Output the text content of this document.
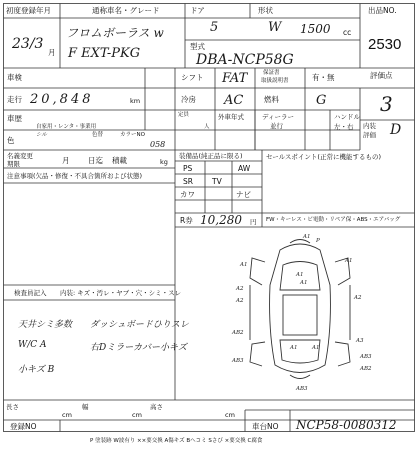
初度登録年月
23/3
月
通称車名・グレード
フロムボーラス w
F EXT-PKG
ドア
5
形状
W 1500 cc
型式
DBA-NCP58G
出品NO.
2530
車検	シフト FAT	保証書
取扱説明書	有・無	評価点
3
走行 20,848	km	冷房 AC	燃料	G
車歴
自家用・レンタ・事業用
定員
人
外車年式	ディーラー
並行
ハンドル
左・右 内装
評価 D
色
シル	色替	カラーNO
058
名義変更
期限	月 日迄 積載	kg
注意事項(欠品・修復・不具合箇所および状態)
検査員記入 内装: キズ・汚レ・ヤブ・穴・シミ・スレ
天井シミ多数 ダッシュボードひりスレ
W/C A	右Dミラーカバー小キズ
小キズ B
装備品(純正品に限る)
PS	AW
SR	TV
カワ	ナビ
R券 10,280 円
セールスポイント(正常に機能するもの)
FW・キーレス・ビ電動・リペア保・ABS・エアバッグ
A1
P
A1
A1
A2
A2
A1
A1
A2
A3
AB2
AB2
AB3
AB3
AB3
A1	A1
長さ
cm
幅
cm
高さ
cm
登録NO	車台NO NCP58-0080312
P 塗装跡 W波有り ××要交換 A傷キズ Bへコミ Sさび ×要交換 C腐食
